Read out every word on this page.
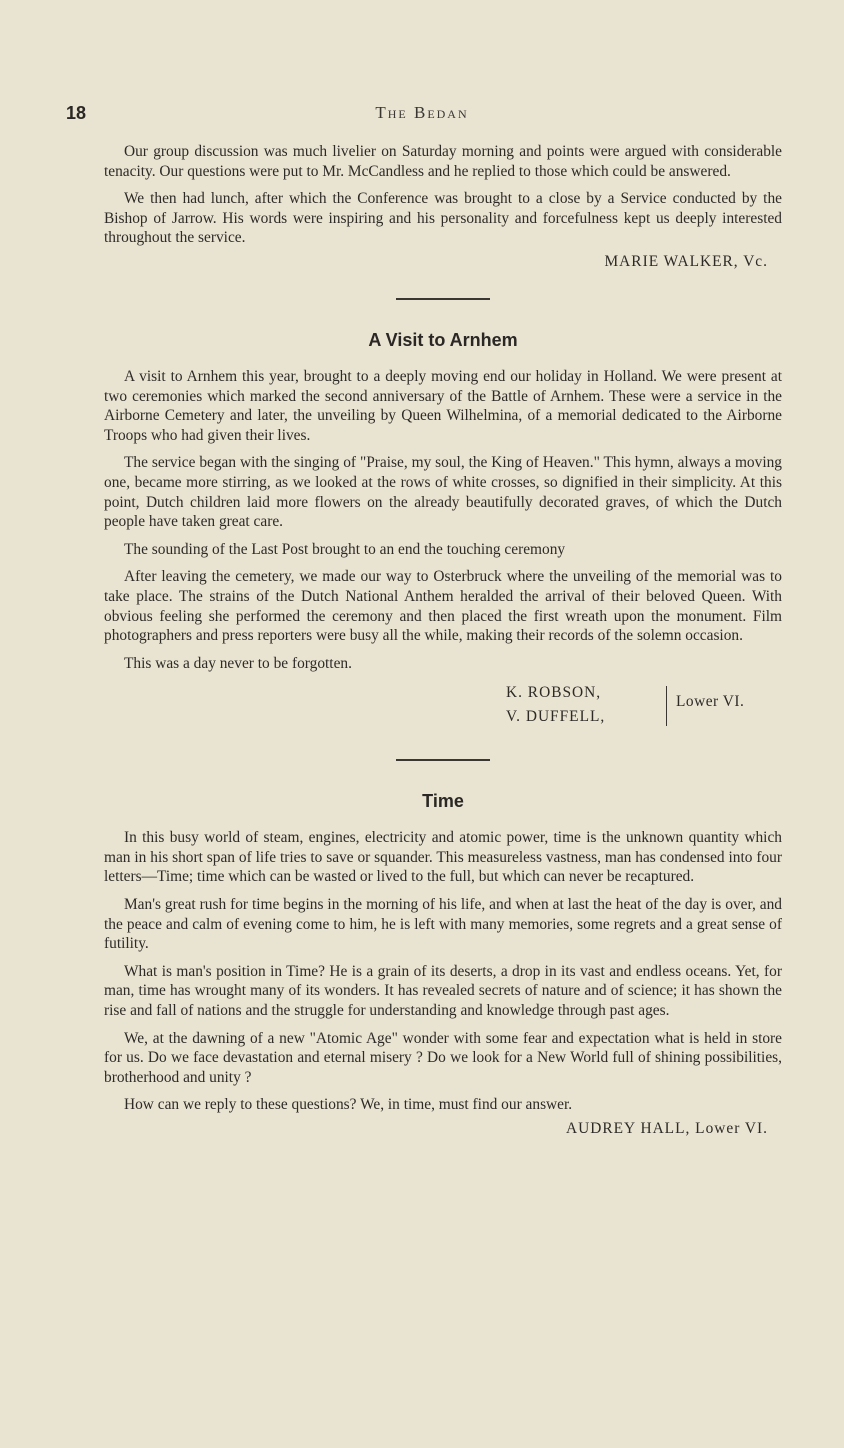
18	The Bedan

Our group discussion was much livelier on Saturday morning and points were argued with considerable tenacity. Our questions were put to Mr. McCandless and he replied to those which could be answered.

We then had lunch, after which the Conference was brought to a close by a Service conducted by the Bishop of Jarrow. His words were inspiring and his personality and forcefulness kept us deeply interested throughout the service.

MARIE WALKER, Vc.
A Visit to Arnhem

A visit to Arnhem this year, brought to a deeply moving end our holiday in Holland. We were present at two ceremonies which marked the second anniversary of the Battle of Arnhem. These were a service in the Airborne Cemetery and later, the unveiling by Queen Wilhelmina, of a memorial dedicated to the Airborne Troops who had given their lives.

The service began with the singing of "Praise, my soul, the King of Heaven." This hymn, always a moving one, became more stirring, as we looked at the rows of white crosses, so dignified in their simplicity. At this point, Dutch children laid more flowers on the already beautifully decorated graves, of which the Dutch people have taken great care.

The sounding of the Last Post brought to an end the touching ceremony

After leaving the cemetery, we made our way to Osterbruck where the unveiling of the memorial was to take place. The strains of the Dutch National Anthem heralded the arrival of their beloved Queen. With obvious feeling she performed the ceremony and then placed the first wreath upon the monument. Film photographers and press reporters were busy all the while, making their records of the solemn occasion.

This was a day never to be forgotten.

K. ROBSON,
V. DUFFELL,
Lower VI.
Time

In this busy world of steam, engines, electricity and atomic power, time is the unknown quantity which man in his short span of life tries to save or squander. This measureless vastness, man has condensed into four letters—Time; time which can be wasted or lived to the full, but which can never be recaptured.

Man's great rush for time begins in the morning of his life, and when at last the heat of the day is over, and the peace and calm of evening come to him, he is left with many memories, some regrets and a great sense of futility.

What is man's position in Time? He is a grain of its deserts, a drop in its vast and endless oceans. Yet, for man, time has wrought many of its wonders. It has revealed secrets of nature and of science; it has shown the rise and fall of nations and the struggle for understanding and knowledge through past ages.

We, at the dawning of a new "Atomic Age" wonder with some fear and expectation what is held in store for us. Do we face devastation and eternal misery ? Do we look for a New World full of shining possibilities, brotherhood and unity ?

How can we reply to these questions? We, in time, must find our answer.

AUDREY HALL, Lower VI.
